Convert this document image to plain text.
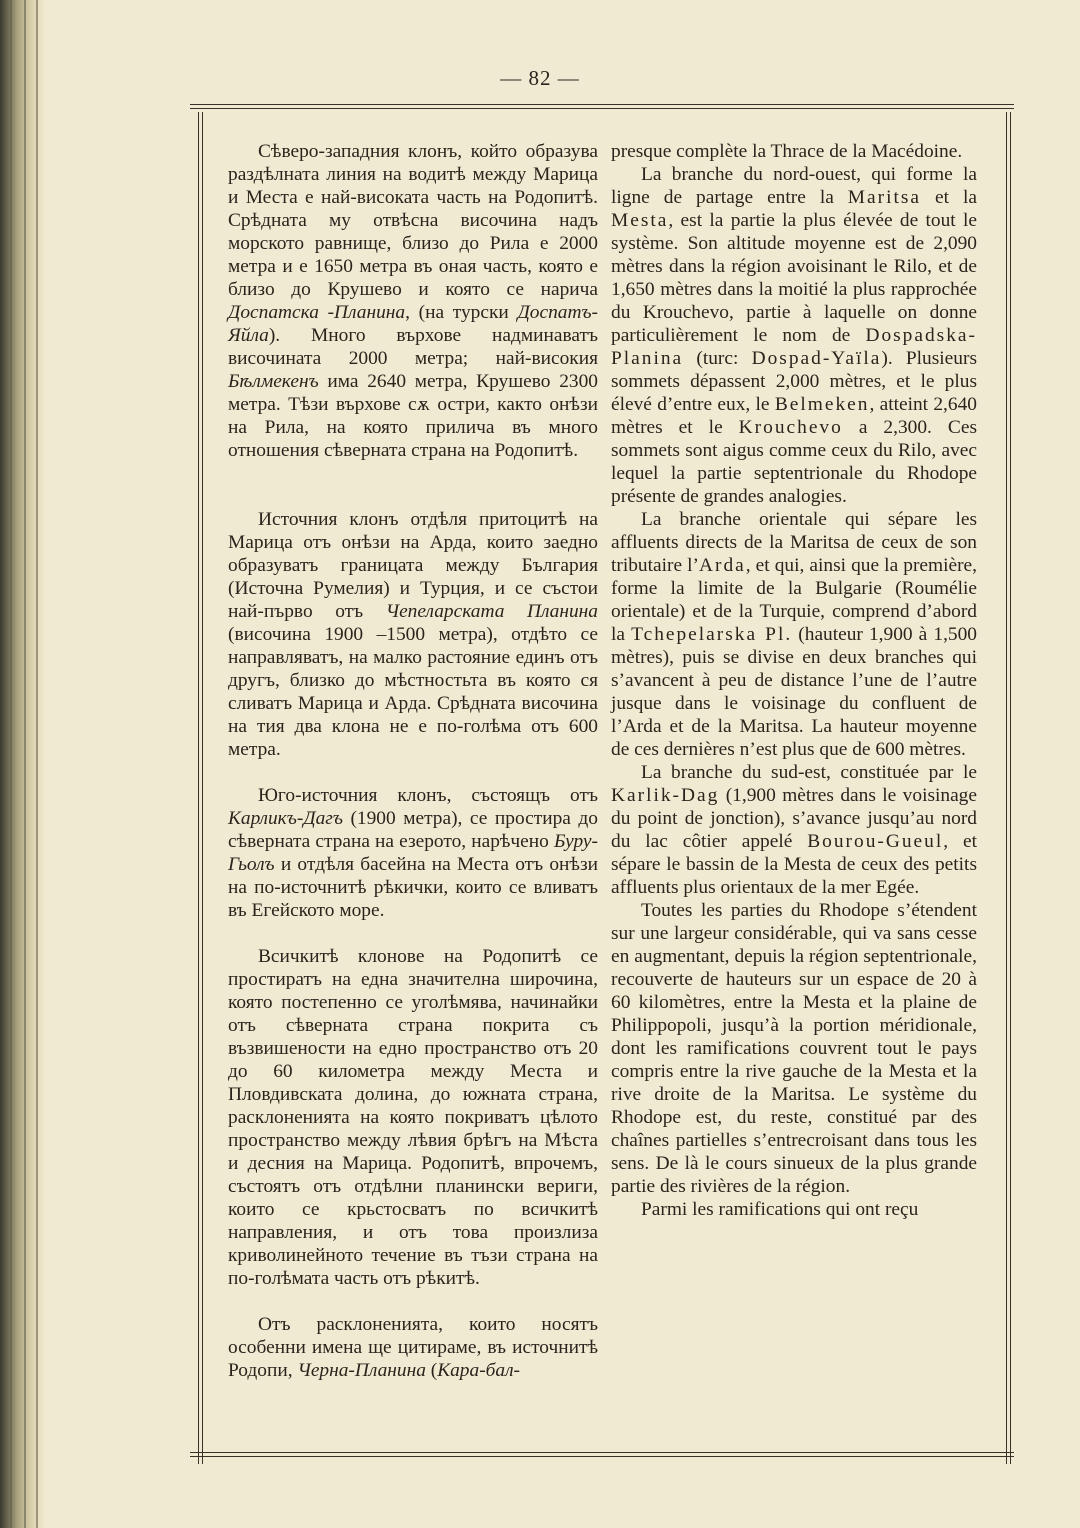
— 82 —

Сѣверо-западния клонъ, който образува раздѣлната линия на водитѣ между Марица и Места е най-високата часть на Родопитѣ. Срѣдната му отвѣсна височина надъ морското равнище, близо до Рила е 2000 метра и е 1650 метра въ оная часть, която е близо до Крушево и която се нарича Доспатска -Планина, (на турски Доспатъ-Яйла). Много върхове надминаватъ височината 2000 метра; най-високия Бѣлмекенъ има 2640 метра, Крушево 2300 метра. Тѣзи върхове сѫ остри, както онѣзи на Рила, на която прилича въ много отношения сѣверната страна на Родопитѣ.

Источния клонъ отдѣля притоцитѣ на Марица отъ онѣзи на Арда, които заедно образуватъ границата между България (Источна Румелия) и Турция, и се състои най-първо отъ Чепеларската Планина (височина 1900 –1500 метра), отдѣто се направляватъ, на малко растояние единъ отъ другъ, близко до мѣстностьта въ която ся сливатъ Марица и Арда. Срѣдната височина на тия два клона не е по-голѣма отъ 600 метра.

Юго-источния клонъ, състоящъ отъ Карликъ-Дагъ (1900 метра), се простира до сѣверната страна на езерото, нарѣчено Буру-Гьолъ и отдѣля басейна на Места отъ онѣзи на по-источнитѣ рѣкички, които се вливатъ въ Егейското море.

Всичкитѣ клонове на Родопитѣ се простиратъ на една значителна широчина, която постепенно се уголѣмява, начинайки отъ сѣверната страна покрита съ възвишености на едно пространство отъ 20 до 60 километра между Места и Пловдивската долина, до южната страна, расклоненията на която покриватъ цѣлото пространство между лѣвия брѣгъ на Мѣста и десния на Марица. Родопитѣ, впрочемъ, състоятъ отъ отдѣлни планински вериги, които се крьстосватъ по всичкитѣ направления, и отъ това произлиза криволинейното течение въ тъзи страна на по-голѣмата часть отъ рѣкитѣ.

Отъ расклоненията, които носятъ особенни имена ще цитираме, въ источнитѣ Родопи, Черна-Планина (Кара-бал-

presque complète la Thrace de la Macédoine.

La branche du nord-ouest, qui forme la ligne de partage entre la Maritsa et la Mesta, est la partie la plus élevée de tout le système. Son altitude moyenne est de 2,090 mètres dans la région avoisinant le Rilo, et de 1,650 mètres dans la moitié la plus rapprochée du Krouchevo, partie à laquelle on donne particulièrement le nom de Dospadska-Planina (turc: Dospad-Yaïla). Plusieurs sommets dépassent 2,000 mètres, et le plus élevé d’entre eux, le Belmeken, atteint 2,640 mètres et le Krouchevo a 2,300. Ces sommets sont aigus comme ceux du Rilo, avec lequel la partie septentrionale du Rhodope présente de grandes analogies.

La branche orientale qui sépare les affluents directs de la Maritsa de ceux de son tributaire l’Arda, et qui, ainsi que la première, forme la limite de la Bulgarie (Roumélie orientale) et de la Turquie, comprend d’abord la Tchepelarska Pl. (hauteur 1,900 à 1,500 mètres), puis se divise en deux branches qui s’avancent à peu de distance l’une de l’autre jusque dans le voisinage du confluent de l’Arda et de la Maritsa. La hauteur moyenne de ces dernières n’est plus que de 600 mètres.

La branche du sud-est, constituée par le Karlik-Dag (1,900 mètres dans le voisinage du point de jonction), s’avance jusqu’au nord du lac côtier appelé Bourou-Gueul, et sépare le bassin de la Mesta de ceux des petits affluents plus orientaux de la mer Egée.

Toutes les parties du Rhodope s’étendent sur une largeur considérable, qui va sans cesse en augmentant, depuis la région septentrionale, recouverte de hauteurs sur un espace de 20 à 60 kilomètres, entre la Mesta et la plaine de Philippopoli, jusqu’à la portion méridionale, dont les ramifications couvrent tout le pays compris entre la rive gauche de la Mesta et la rive droite de la Maritsa. Le système du Rhodope est, du reste, constitué par des chaînes partielles s’entrecroisant dans tous les sens. De là le cours sinueux de la plus grande partie des rivières de la région.

Parmi les ramifications qui ont reçu
